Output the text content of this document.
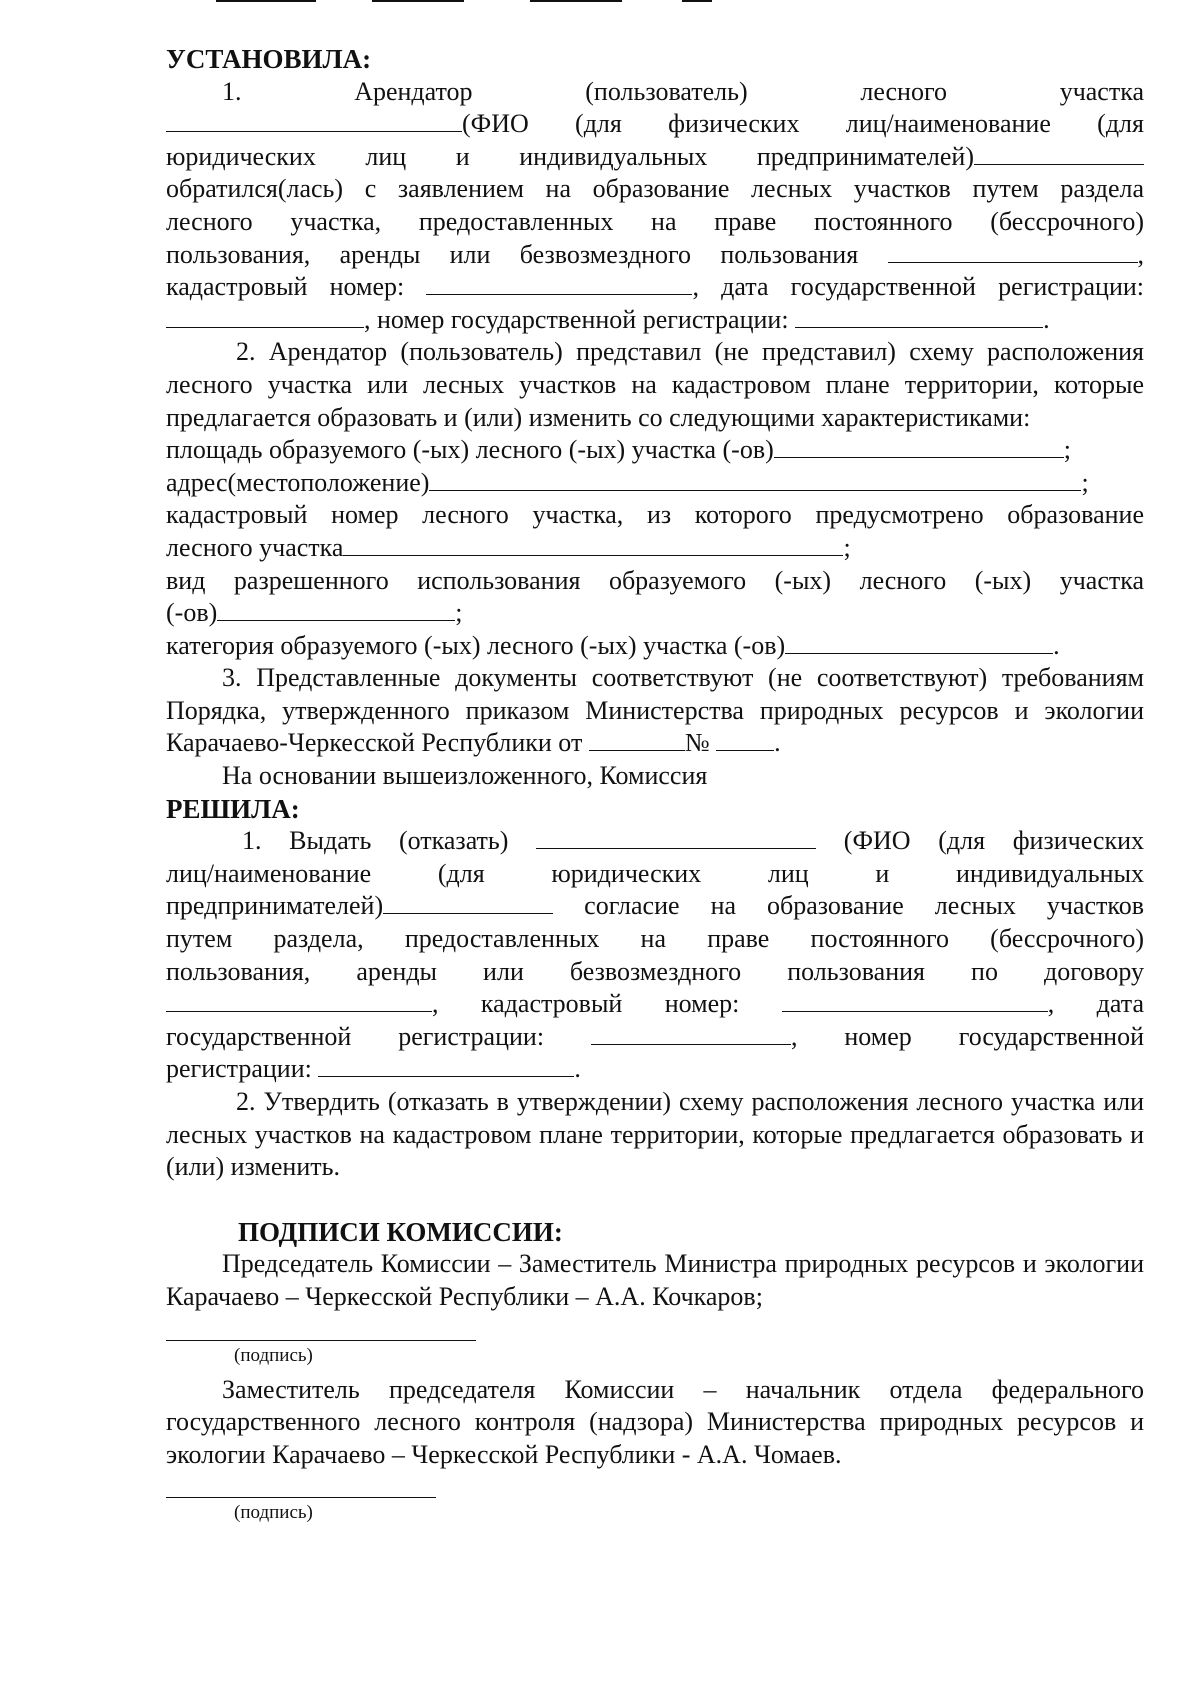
УСТАНОВИЛА:

1.	Арендатор	(пользователь)	лесного	участка

(ФИО (для физических лиц/наименование (для

юридических лиц и индивидуальных предпринимателей)

обратился(лась) с заявлением на образование лесных участков путем раздела

лесного участка, предоставленных на праве постоянного (бессрочного)

пользования, аренды или безвозмездного пользования	,

кадастровый номер:	, дата государственной регистрации:

, номер государственной регистрации:	.

2. Арендатор (пользователь) представил (не представил) схему расположения лесного участка или лесных участков на кадастровом плане территории, которые предлагается образовать и (или) изменить со следующими характеристиками:

площадь образуемого (-ых) лесного (-ых) участка (-ов)	;

адрес(местоположение)	;

кадастровый номер лесного участка, из которого предусмотрено образование

лесного участка	;

вид разрешенного использования образуемого (-ых) лесного (-ых) участка

(-ов)	;

категория образуемого (-ых) лесного (-ых) участка (-ов)	.

3. Представленные документы соответствуют (не соответствуют) требованиям Порядка, утвержденного приказом Министерства природных ресурсов и экологии Карачаево-Черкесской Республики от	№ .

На основании вышеизложенного, Комиссия

РЕШИЛА:

1. Выдать (отказать)	(ФИО (для физических

лиц/наименование (для юридических лиц и индивидуальных

предпринимателей)	согласие на образование лесных участков

путем раздела, предоставленных на праве постоянного (бессрочного)

пользования, аренды или безвозмездного пользования по договору

, кадастровый номер:	, дата

государственной регистрации:	, номер государственной

регистрации:	.

2. Утвердить (отказать в утверждении) схему расположения лесного участка или лесных участков на кадастровом плане территории, которые предлагается образовать и (или) изменить.

ПОДПИСИ КОМИССИИ:

Председатель Комиссии – Заместитель Министра природных ресурсов и экологии Карачаево – Черкесской Республики – А.А. Кочкаров;

(подпись)

Заместитель председателя Комиссии – начальник отдела федерального государственного лесного контроля (надзора) Министерства природных ресурсов и экологии Карачаево – Черкесской Республики - А.А. Чомаев.

(подпись)
